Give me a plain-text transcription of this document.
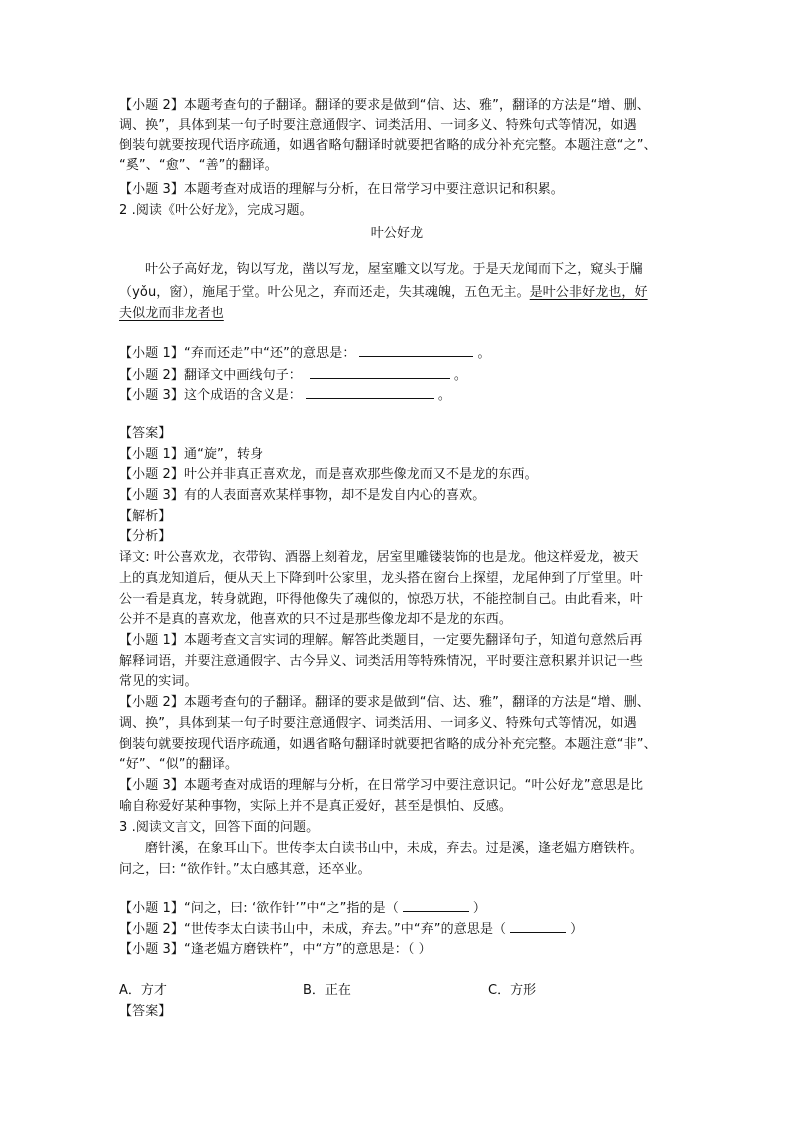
【小题 2】本题考查句的子翻译。翻译的要求是做到“信、达、雅”，翻译的方法是“增、删、
调、换”，具体到某一句子时要注意通假字、词类活用、一词多义、特殊句式等情况，如遇
倒装句就要按现代语序疏通，如遇省略句翻译时就要把省略的成分补充完整。本题注意“之”、
“奚”、“愈”、“善”的翻译。
【小题 3】本题考查对成语的理解与分析，在日常学习中要注意识记和积累。
2 .阅读《叶公好龙》，完成习题。
叶公好龙
叶公子高好龙，钩以写龙，凿以写龙，屋室雕文以写龙。于是天龙闻而下之，窥头于牖
（yǒu，窗），施尾于堂。叶公见之，弃而还走，失其魂魄，五色无主。是叶公非好龙也，好
夫似龙而非龙者也
【小题 1】“弃而还走”中“还”的意思是：	。
【小题 2】翻译文中画线句子：	。
【小题 3】这个成语的含义是：	。
【答案】
【小题 1】通“旋”，转身
【小题 2】叶公并非真正喜欢龙，而是喜欢那些像龙而又不是龙的东西。
【小题 3】有的人表面喜欢某样事物，却不是发自内心的喜欢。
【解析】
【分析】
译文: 叶公喜欢龙，衣带钩、酒器上刻着龙，居室里雕镂装饰的也是龙。他这样爱龙，被天
上的真龙知道后，便从天上下降到叶公家里，龙头搭在窗台上探望，龙尾伸到了厅堂里。叶
公一看是真龙，转身就跑，吓得他像失了魂似的，惊恐万状，不能控制自己。由此看来，叶
公并不是真的喜欢龙，他喜欢的只不过是那些像龙却不是龙的东西。
【小题 1】本题考查文言实词的理解。解答此类题目，一定要先翻译句子，知道句意然后再
解释词语，并要注意通假字、古今异义、词类活用等特殊情况，平时要注意积累并识记一些
常见的实词。
【小题 2】本题考查句的子翻译。翻译的要求是做到“信、达、雅”，翻译的方法是“增、删、
调、换”，具体到某一句子时要注意通假字、词类活用、一词多义、特殊句式等情况，如遇
倒装句就要按现代语序疏通，如遇省略句翻译时就要把省略的成分补充完整。本题注意“非”、
“好”、“似”的翻译。
【小题 3】本题考查对成语的理解与分析，在日常学习中要注意识记。“叶公好龙”意思是比
喻自称爱好某种事物，实际上并不是真正爱好，甚至是惧怕、反感。
3 .阅读文言文，回答下面的问题。
磨针溪，在象耳山下。世传李太白读书山中，未成，弃去。过是溪，逢老媪方磨铁杵。
问之，曰: “欲作针。”太白感其意，还卒业。
【小题 1】“问之，曰: ‘欲作针’”中“之”指的是（	）
【小题 2】“世传李太白读书山中，未成，弃去。”中“弃”的意思是（	）
【小题 3】“逢老媪方磨铁杵”，中“方”的意思是：（ ）
A．方才	B．正在	C．方形
【答案】
